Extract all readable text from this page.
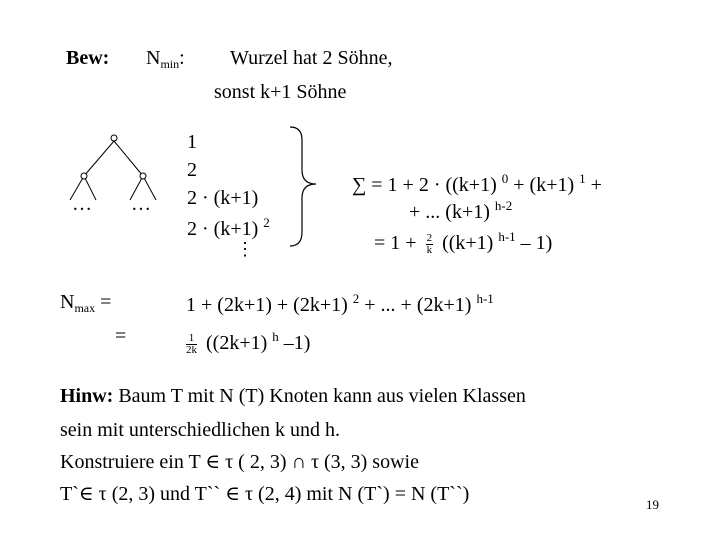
Bew: $N_{min}$: Wurzel hat 2 Söhne,
sonst k+1 Söhne
… …
1
2
2 · (k+1)
2 · (k+1) $^2$
⋮
∑ = 1 + 2 · ((k+1) $^0$ + (k+1) $^1$ +
+ ... (k+1) $^{h-2}$
= $1 + \frac{2}{k} ((k+1)$ $^{h-1}$ – 1)
$N_{max}$ =
=
1 + (2k+1) + (2k+1) $^2$ + ... + (2k+1) $^{h-1}$
$\frac{1}{2k} ((2k+1)$ $^h$ –1)
Hinw: Baum T mit N (T) Knoten kann aus vielen Klassen
sein mit unterschiedlichen k und h.
Konstruiere ein T ∈ τ ( 2, 3) ∩ τ (3, 3) sowie
T`∈ τ (2, 3) und T`` ∈ τ (2, 4) mit N (T`) = N (T``)	19
